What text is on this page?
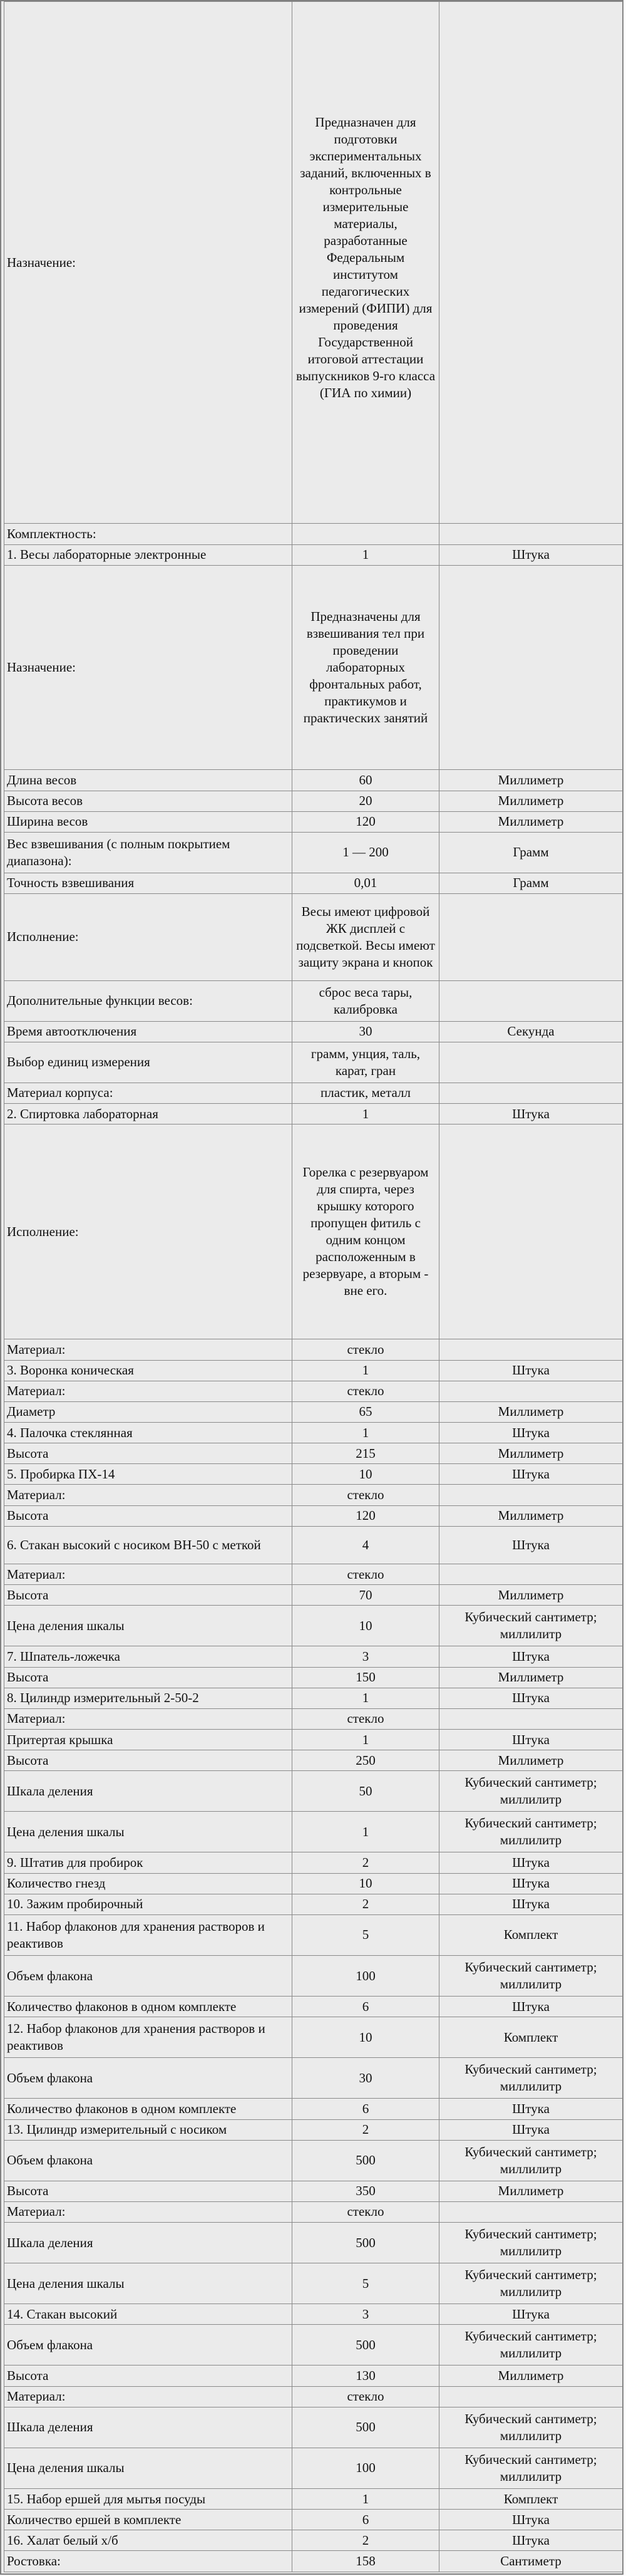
Назначение:	Предназначен для подготовки экспериментальных заданий, включенных в контрольные измерительные материалы, разработанные Федеральным институтом педагогических измерений (ФИПИ) для проведения Государственной итоговой аттестации выпускников 9-го класса (ГИА по химии)	

Комплектность:		
1. Весы лабораторные электронные	1	Штука
Назначение:	Предназначены для взвешивания тел при проведении лабораторных фронтальных работ, практикумов и практических занятий	
Длина весов	60	Миллиметр
Высота весов	20	Миллиметр
Ширина весов	120	Миллиметр
Вес взвешивания (с полным покрытием диапазона):	1 — 200	Грамм
Точность взвешивания	0,01	Грамм
Исполнение:	Весы имеют цифровой ЖК дисплей с подсветкой. Весы имеют защиту экрана и кнопок	
Дополнительные функции весов:	сброс веса тары, калибровка	
Время автоотключения	30	Секунда
Выбор единиц измерения	грамм, унция, таль, карат, гран	
Материал корпуса:	пластик, металл	
2. Спиртовка лабораторная	1	Штука
Исполнение:	Горелка с резервуаром для спирта, через крышку которого пропущен фитиль с одним концом расположенным в резервуаре, а вторым - вне его.	
Материал:	стекло	
3. Воронка коническая	1	Штука
Материал:	стекло	
Диаметр	65	Миллиметр
4. Палочка стеклянная	1	Штука
Высота	215	Миллиметр
5. Пробирка ПХ-14	10	Штука
Материал:	стекло	
Высота	120	Миллиметр
6. Стакан высокий с носиком ВН-50 с меткой	4	Штука
Материал:	стекло	
Высота	70	Миллиметр
Цена деления шкалы	10	Кубический сантиметр; миллилитр
7. Шпатель-ложечка	3	Штука
Высота	150	Миллиметр
8. Цилиндр измерительный 2-50-2	1	Штука
Материал:	стекло	
Притертая крышка	1	Штука
Высота	250	Миллиметр
Шкала деления	50	Кубический сантиметр; миллилитр
Цена деления шкалы	1	Кубический сантиметр; миллилитр
9. Штатив для пробирок	2	Штука
Количество гнезд	10	Штука
10. Зажим пробирочный	2	Штука
11. Набор флаконов для хранения растворов и реактивов	5	Комплект
Объем флакона	100	Кубический сантиметр; миллилитр
Количество флаконов в одном комплекте	6	Штука
12. Набор флаконов для хранения растворов и реактивов	10	Комплект
Объем флакона	30	Кубический сантиметр; миллилитр
Количество флаконов в одном комплекте	6	Штука
13. Цилиндр измерительный с носиком	2	Штука
Объем флакона	500	Кубический сантиметр; миллилитр
Высота	350	Миллиметр
Материал:	стекло	
Шкала деления	500	Кубический сантиметр; миллилитр
Цена деления шкалы	5	Кубический сантиметр; миллилитр
14. Стакан высокий	3	Штука
Объем флакона	500	Кубический сантиметр; миллилитр
Высота	130	Миллиметр
Материал:	стекло	
Шкала деления	500	Кубический сантиметр; миллилитр
Цена деления шкалы	100	Кубический сантиметр; миллилитр
15. Набор ершей для мытья посуды	1	Комплект
Количество ершей в комплекте	6	Штука
16. Халат белый х/б	2	Штука
Ростовка:	158	Сантиметр
